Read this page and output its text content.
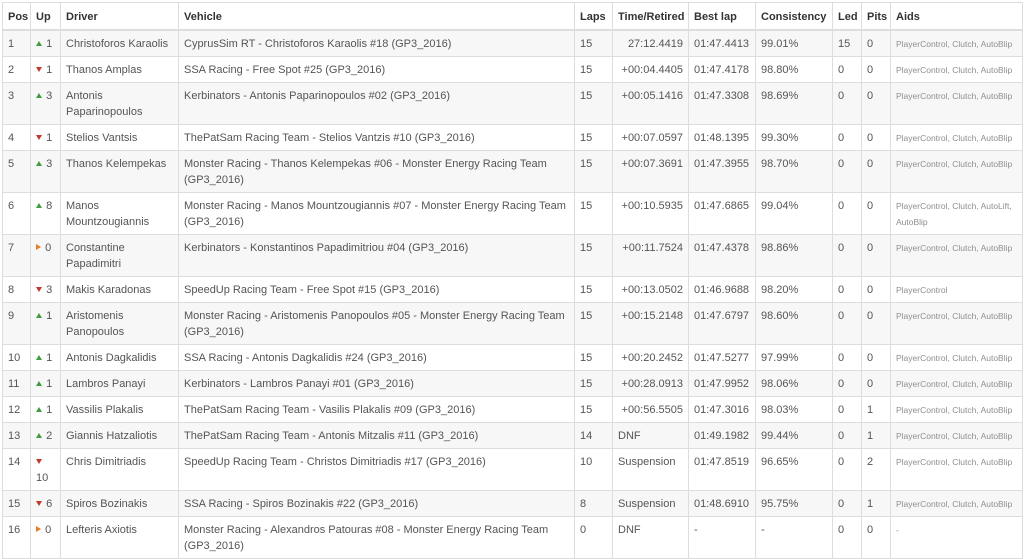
Pos	Up	Driver	Vehicle	Laps	Time/Retired	Best lap	Consistency	Led	Pits	Aids
1	1	Christoforos Karaolis	CyprusSim RT - Christoforos Karaolis #18 (GP3_2016)	15	27:12.4419	01:47.4413	99.01%	15	0	PlayerControl, Clutch, AutoBlip
2	1	Thanos Amplas	SSA Racing - Free Spot #25 (GP3_2016)	15	+00:04.4405	01:47.4178	98.80%	0	0	PlayerControl, Clutch, AutoBlip
3	3	Antonis Paparinopoulos	Kerbinators - Antonis Paparinopoulos #02 (GP3_2016)	15	+00:05.1416	01:47.3308	98.69%	0	0	PlayerControl, Clutch, AutoBlip
4	1	Stelios Vantsis	ThePatSam Racing Team - Stelios Vantzis #10 (GP3_2016)	15	+00:07.0597	01:48.1395	99.30%	0	0	PlayerControl, Clutch, AutoBlip
5	3	Thanos Kelempekas	Monster Racing - Thanos Kelempekas #06 - Monster Energy Racing Team (GP3_2016)	15	+00:07.3691	01:47.3955	98.70%	0	0	PlayerControl, Clutch, AutoBlip
6	8	Manos Mountzougiannis	Monster Racing - Manos Mountzougiannis #07 - Monster Energy Racing Team (GP3_2016)	15	+00:10.5935	01:47.6865	99.04%	0	0	PlayerControl, Clutch, AutoLift, AutoBlip
7	0	Constantine Papadimitri	Kerbinators - Konstantinos Papadimitriou #04 (GP3_2016)	15	+00:11.7524	01:47.4378	98.86%	0	0	PlayerControl, Clutch, AutoBlip
8	3	Makis Karadonas	SpeedUp Racing Team - Free Spot #15 (GP3_2016)	15	+00:13.0502	01:46.9688	98.20%	0	0	PlayerControl
9	1	Aristomenis Panopoulos	Monster Racing - Aristomenis Panopoulos #05 - Monster Energy Racing Team (GP3_2016)	15	+00:15.2148	01:47.6797	98.60%	0	0	PlayerControl, Clutch, AutoBlip
10	1	Antonis Dagkalidis	SSA Racing - Antonis Dagkalidis #24 (GP3_2016)	15	+00:20.2452	01:47.5277	97.99%	0	0	PlayerControl, Clutch, AutoBlip
11	1	Lambros Panayi	Kerbinators - Lambros Panayi #01 (GP3_2016)	15	+00:28.0913	01:47.9952	98.06%	0	0	PlayerControl, Clutch, AutoBlip
12	1	Vassilis Plakalis	ThePatSam Racing Team - Vasilis Plakalis #09 (GP3_2016)	15	+00:56.5505	01:47.3016	98.03%	0	1	PlayerControl, Clutch, AutoBlip
13	2	Giannis Hatzaliotis	ThePatSam Racing Team - Antonis Mitzalis #11 (GP3_2016)	14	DNF	01:49.1982	99.44%	0	1	PlayerControl, Clutch, AutoBlip
14	10	Chris Dimitriadis	SpeedUp Racing Team - Christos Dimitriadis #17 (GP3_2016)	10	Suspension	01:47.8519	96.65%	0	2	PlayerControl, Clutch, AutoBlip
15	6	Spiros Bozinakis	SSA Racing - Spiros Bozinakis #22 (GP3_2016)	8	Suspension	01:48.6910	95.75%	0	1	PlayerControl, Clutch, AutoBlip
16	0	Lefteris Axiotis	Monster Racing - Alexandros Patouras #08 - Monster Energy Racing Team (GP3_2016)	0	DNF	-	-	0	0	-
